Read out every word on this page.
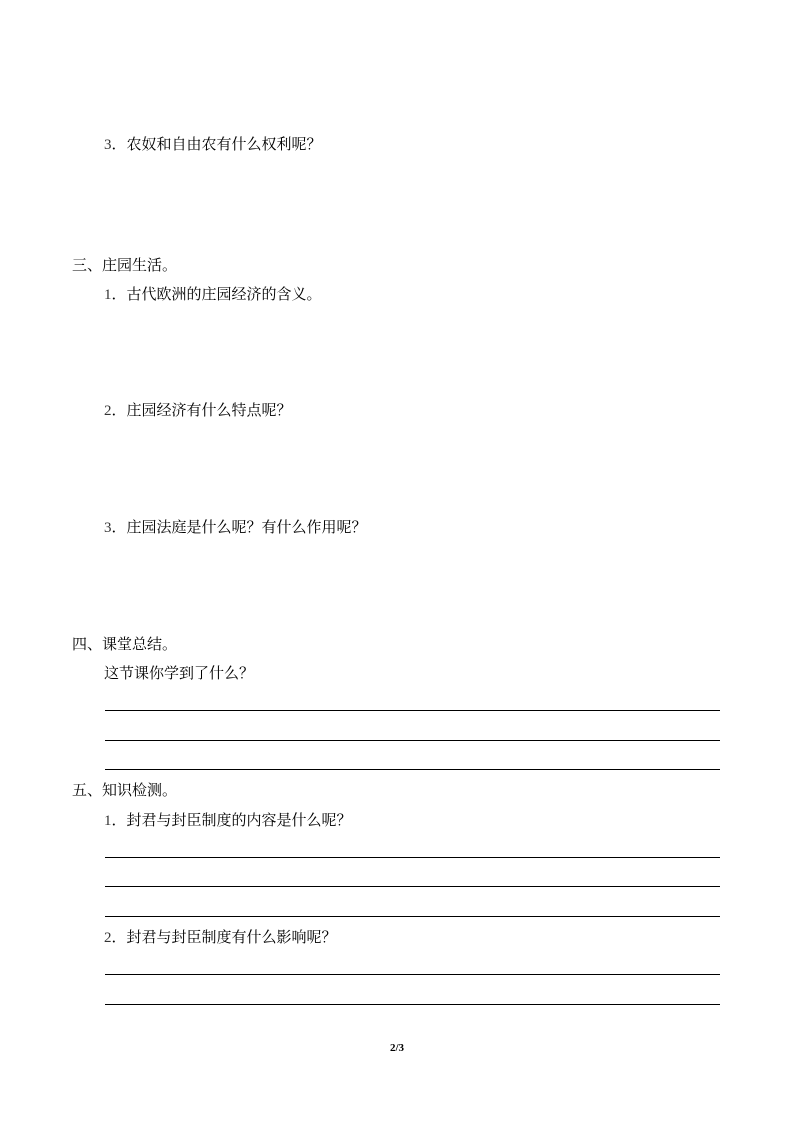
3．农奴和自由农有什么权利呢？
三、庄园生活。
1．古代欧洲的庄园经济的含义。
2．庄园经济有什么特点呢？
3．庄园法庭是什么呢？有什么作用呢？
四、课堂总结。
这节课你学到了什么？
五、知识检测。
1．封君与封臣制度的内容是什么呢？
2．封君与封臣制度有什么影响呢？
2/3
